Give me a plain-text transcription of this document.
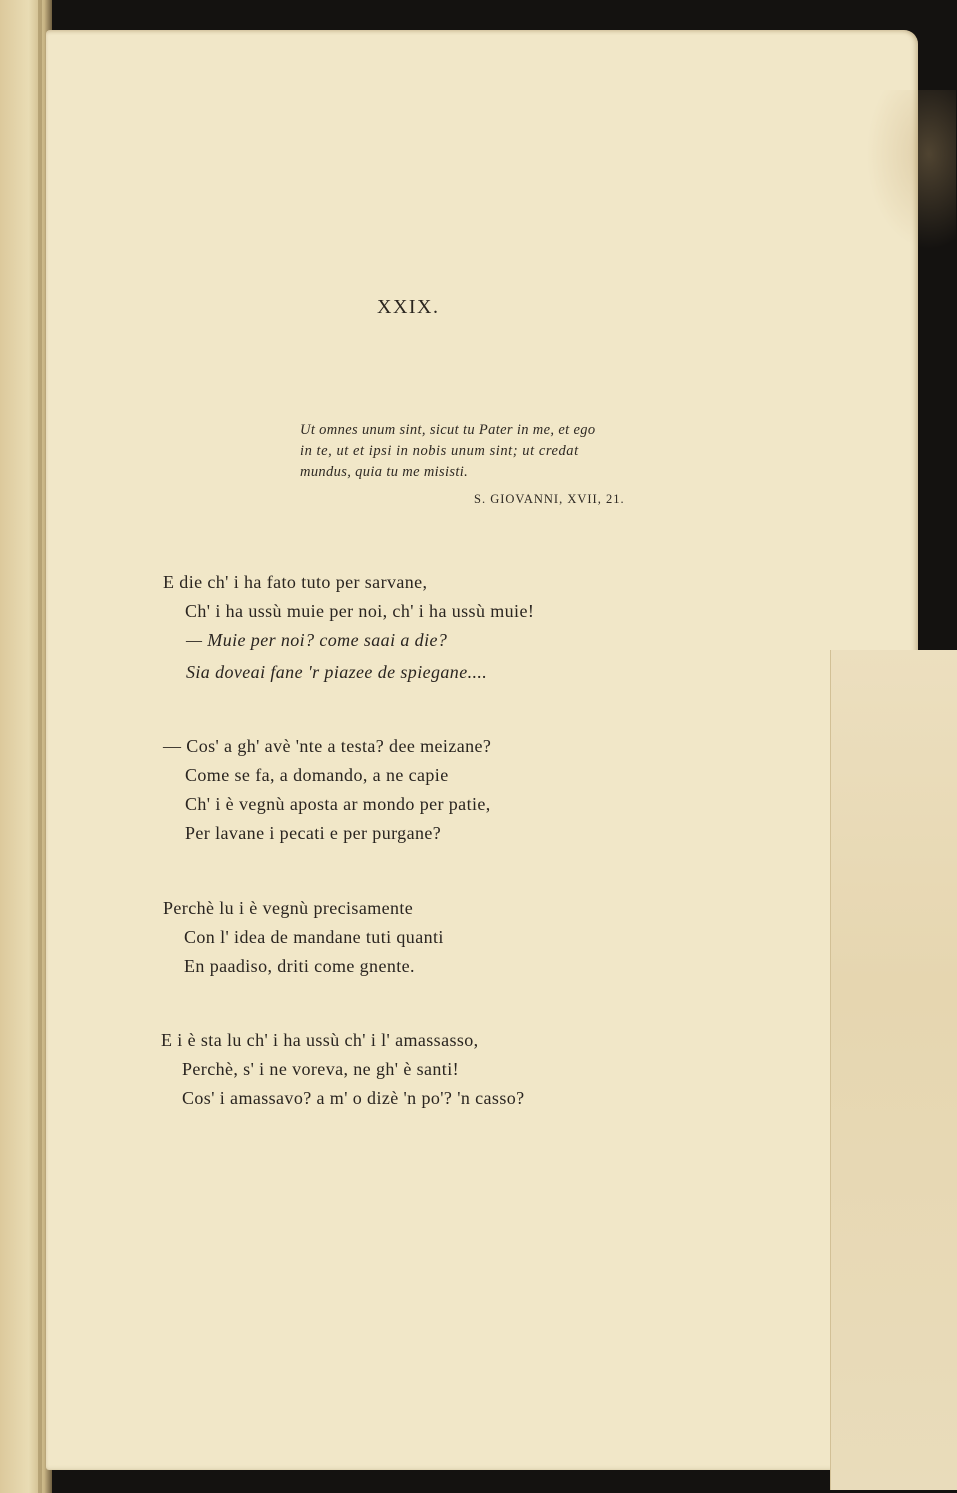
XXIX.
Ut omnes unum sint, sicut tu Pater in me, et ego
in te, ut et ipsi in nobis unum sint; ut credat
mundus, quia tu me misisti.
S. GIOVANNI, XVII, 21.
E die ch' i ha fato tuto per sarvane,
Ch' i ha ussù muie per noi, ch' i ha ussù muie!
— Muie per noi? come saai a die?
Sia doveai fane 'r piazee de spiegane....
— Cos' a gh' avè 'nte a testa? dee meizane?
Come se fa, a domando, a ne capie
Ch' i è vegnù aposta ar mondo per patie,
Per lavane i pecati e per purgane?
Perchè lu i è vegnù precisamente
Con l' idea de mandane tuti quanti
En paadiso, driti come gnente.
E i è sta lu ch' i ha ussù ch' i l' amassasso,
Perchè, s' i ne voreva, ne gh' è santi!
Cos' i amassavo? a m' o dizè 'n po'? 'n casso?
